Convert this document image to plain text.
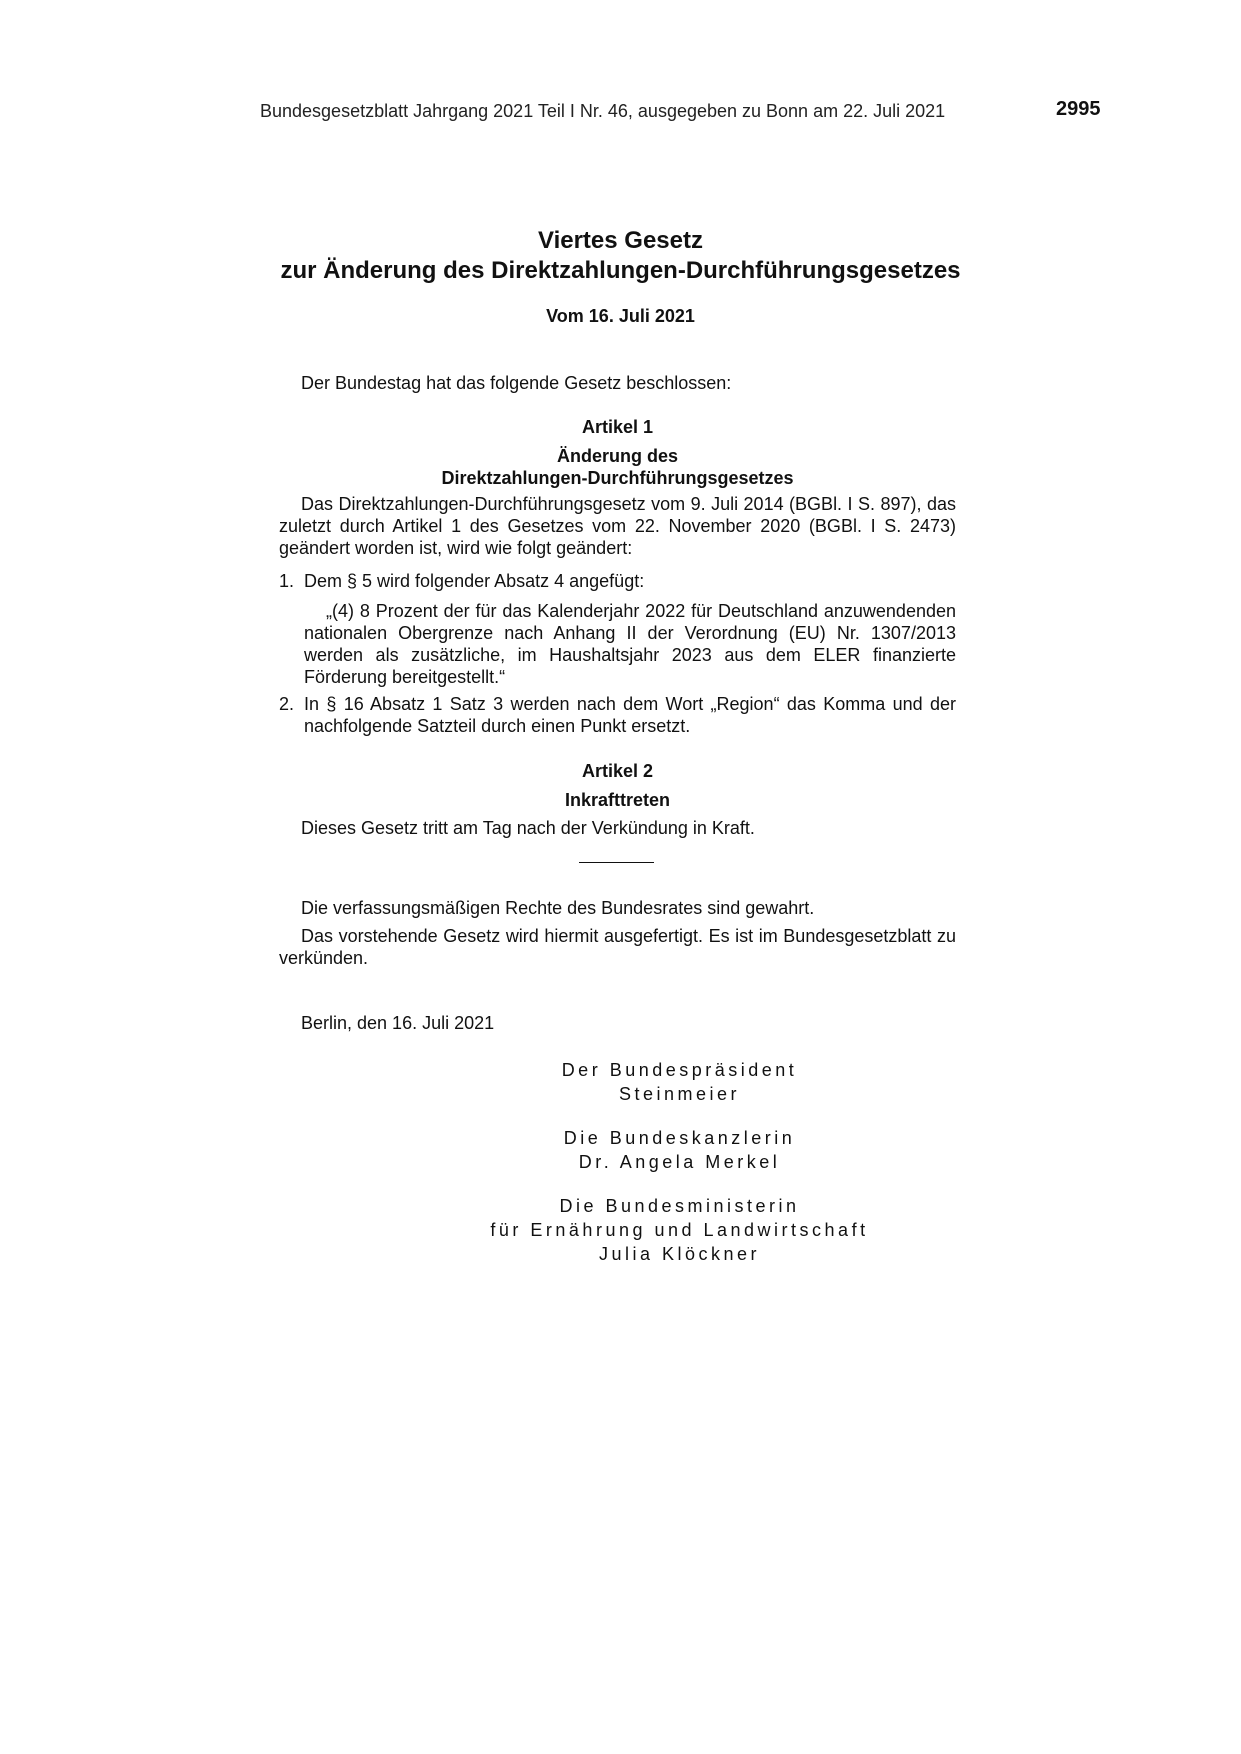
Bundesgesetzblatt Jahrgang 2021 Teil I Nr. 46, ausgegeben zu Bonn am 22. Juli 2021	2995
Viertes Gesetz
zur Änderung des Direktzahlungen-Durchführungsgesetzes
Vom 16. Juli 2021
Der Bundestag hat das folgende Gesetz beschlossen:
Artikel 1
Änderung des
Direktzahlungen-Durchführungsgesetzes
Das Direktzahlungen-Durchführungsgesetz vom 9. Juli 2014 (BGBl. I S. 897), das zuletzt durch Artikel 1 des Gesetzes vom 22. November 2020 (BGBl. I S. 2473) geändert worden ist, wird wie folgt geändert:
1. Dem § 5 wird folgender Absatz 4 angefügt:
„(4) 8 Prozent der für das Kalenderjahr 2022 für Deutschland anzuwendenden nationalen Obergrenze nach Anhang II der Verordnung (EU) Nr. 1307/2013 werden als zusätzliche, im Haushaltsjahr 2023 aus dem ELER finanzierte Förderung bereitgestellt.“
2. In § 16 Absatz 1 Satz 3 werden nach dem Wort „Region“ das Komma und der nachfolgende Satzteil durch einen Punkt ersetzt.
Artikel 2
Inkrafttreten
Dieses Gesetz tritt am Tag nach der Verkündung in Kraft.
Die verfassungsmäßigen Rechte des Bundesrates sind gewahrt.
Das vorstehende Gesetz wird hiermit ausgefertigt. Es ist im Bundesgesetzblatt zu verkünden.
Berlin, den 16. Juli 2021
Der Bundespräsident
Steinmeier
Die Bundeskanzlerin
Dr. Angela Merkel
Die Bundesministerin
für Ernährung und Landwirtschaft
Julia Klöckner
